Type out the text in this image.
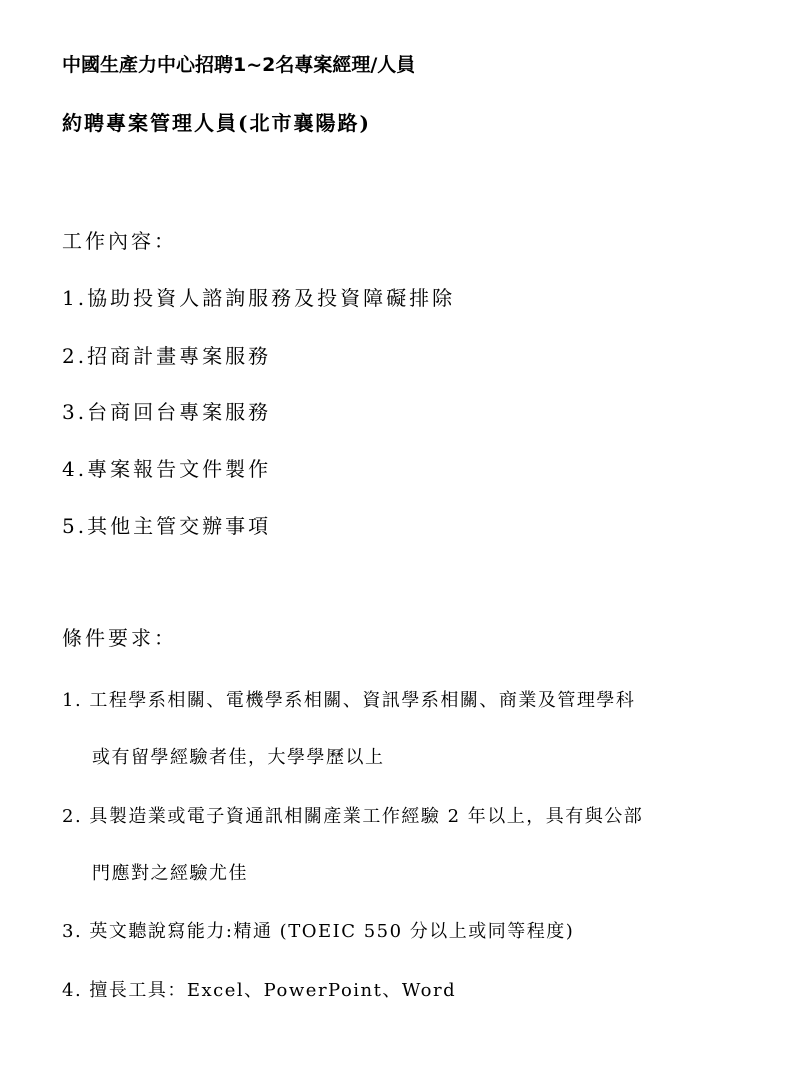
中國生產力中心招聘1~2名專案經理/人員
約聘專案管理人員(北市襄陽路)
工作內容：
1.協助投資人諮詢服務及投資障礙排除
2.招商計畫專案服務
3.台商回台專案服務
4.專案報告文件製作
5.其他主管交辦事項
條件要求：
1. 工程學系相關、電機學系相關、資訊學系相關、商業及管理學科
或有留學經驗者佳，大學學歷以上
2. 具製造業或電子資通訊相關產業工作經驗 2 年以上，具有與公部
門應對之經驗尤佳
3. 英文聽說寫能力:精通 (TOEIC 550 分以上或同等程度)
4. 擅長工具：Excel、PowerPoint、Word
